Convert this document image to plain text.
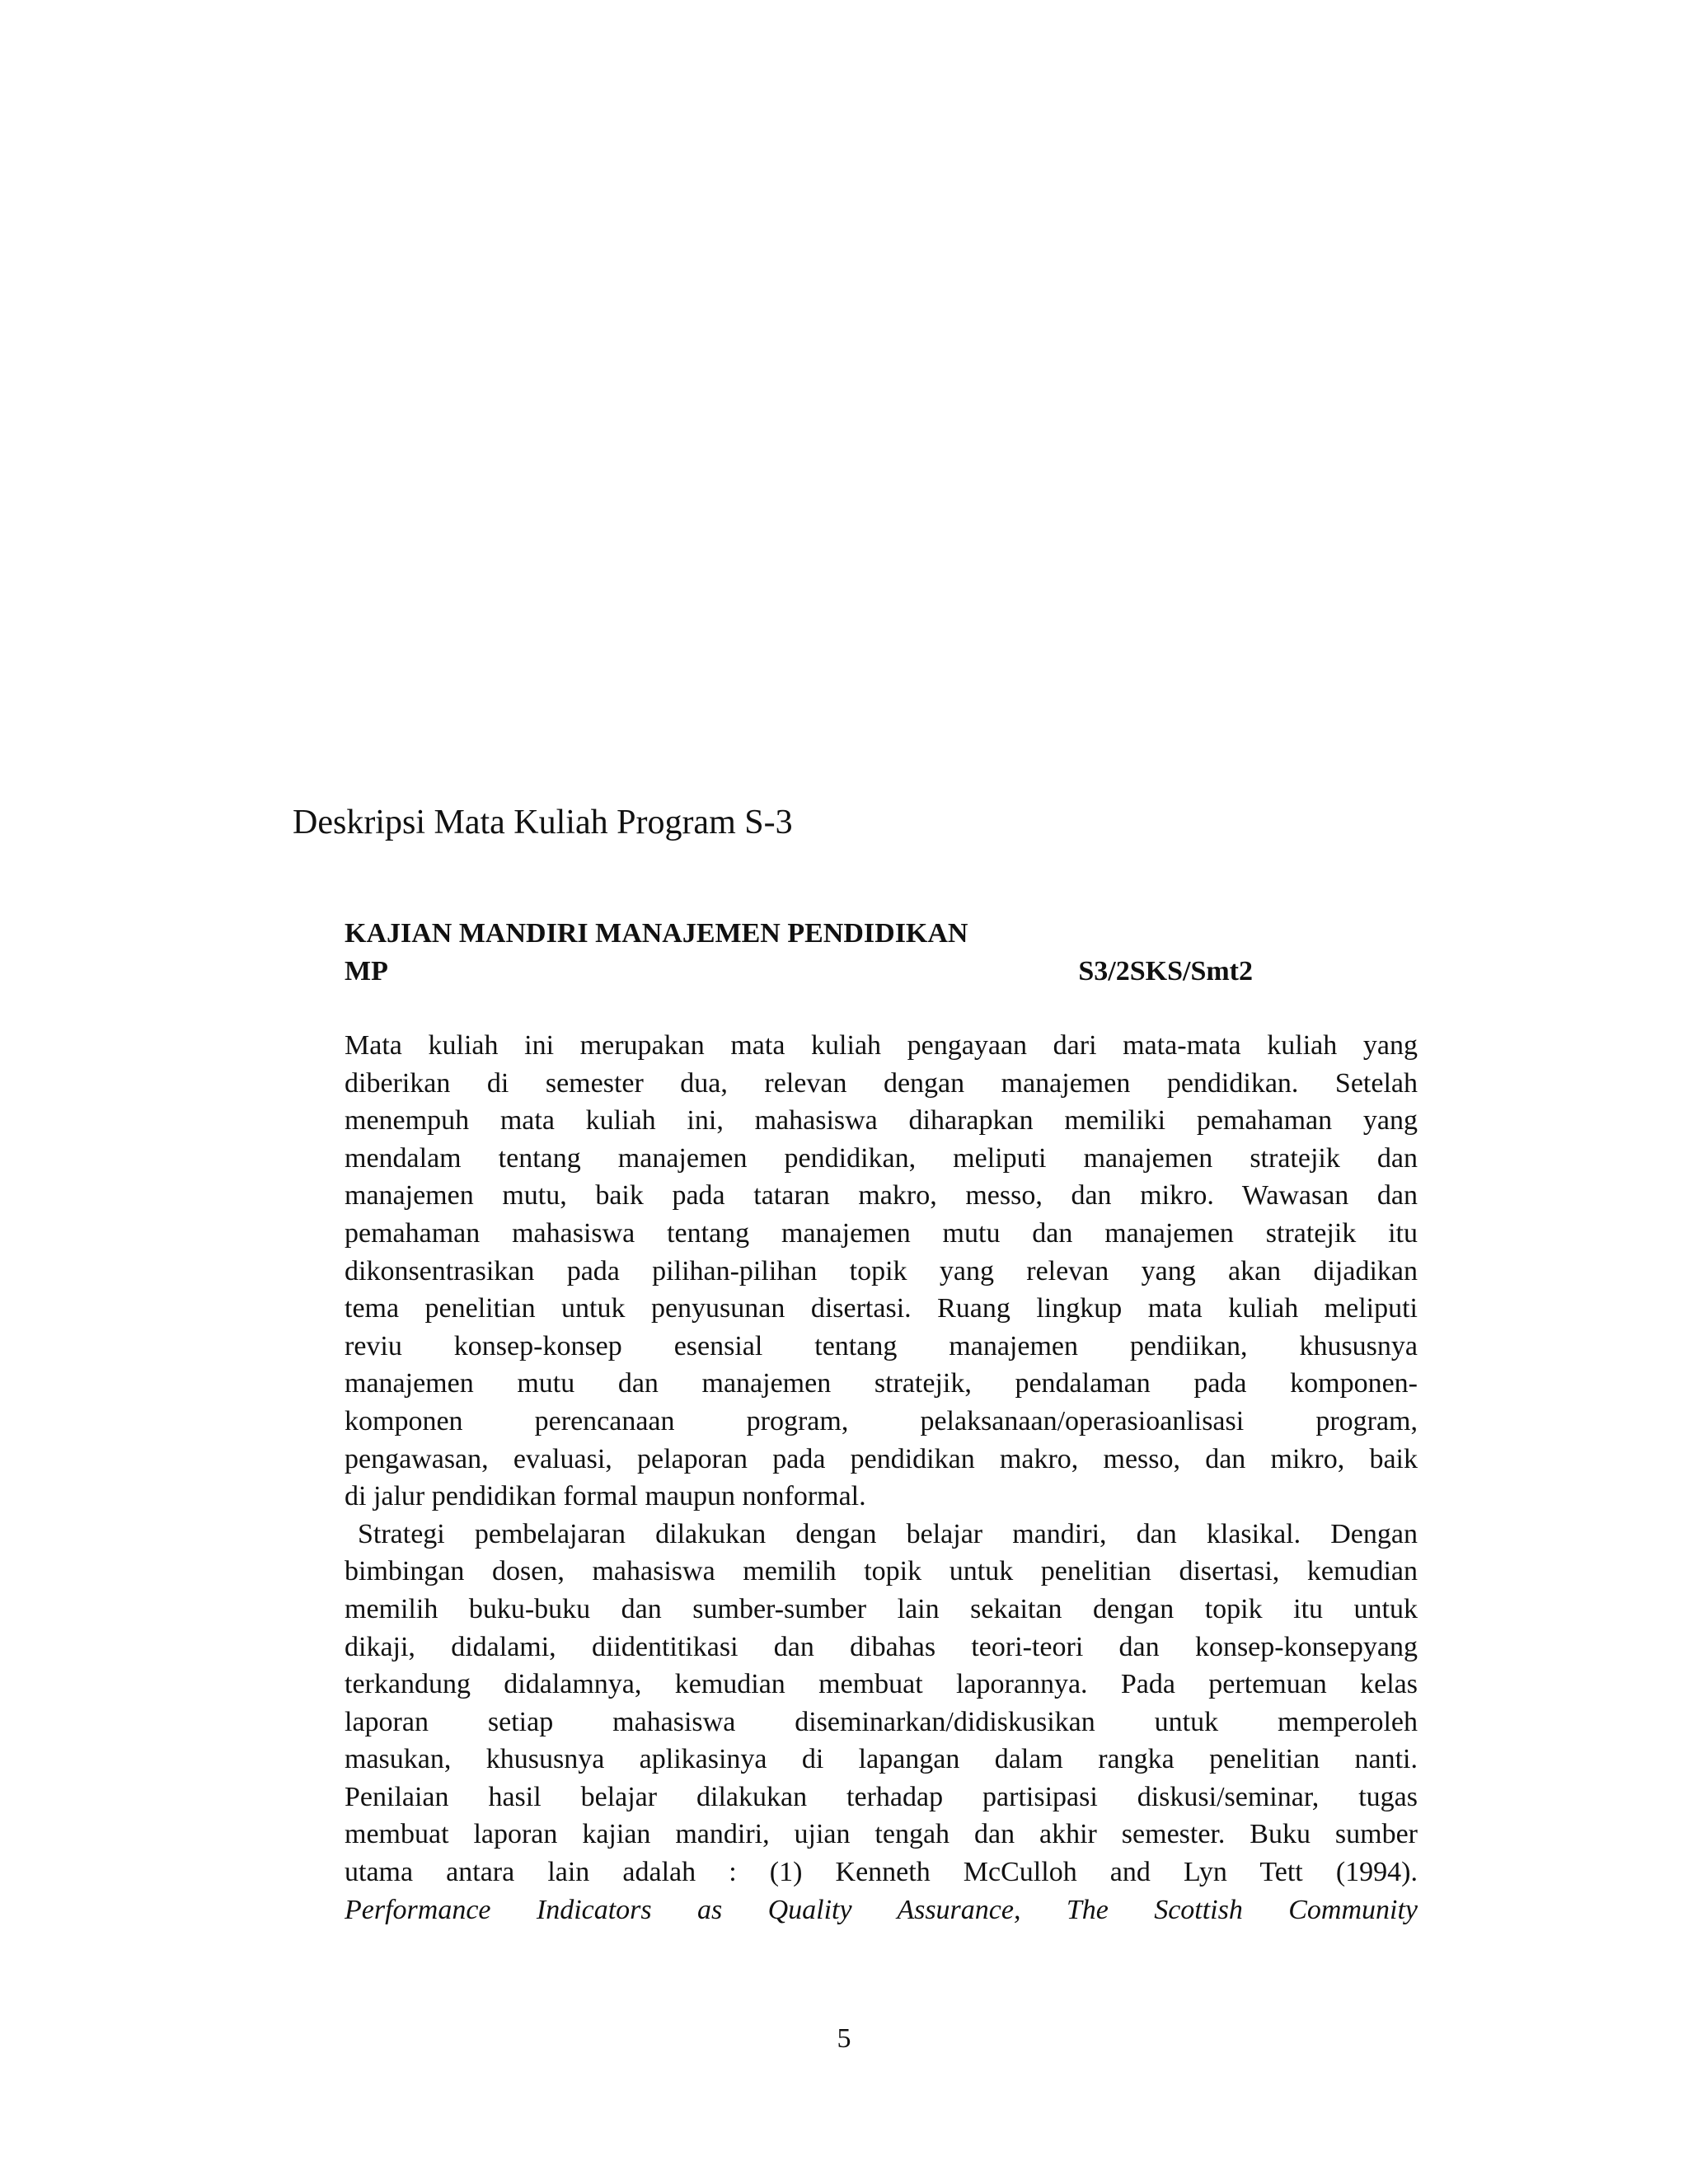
Deskripsi Mata Kuliah Program S-3
KAJIAN MANDIRI MANAJEMEN PENDIDIKAN
MP	S3/2SKS/Smt2
Mata kuliah ini merupakan mata kuliah pengayaan dari mata-mata kuliah yang
diberikan di semester dua, relevan dengan manajemen pendidikan. Setelah
menempuh mata kuliah ini, mahasiswa diharapkan memiliki pemahaman yang
mendalam tentang manajemen pendidikan, meliputi manajemen stratejik dan
manajemen mutu, baik pada tataran makro, messo, dan mikro. Wawasan dan
pemahaman mahasiswa tentang manajemen mutu dan manajemen stratejik itu
dikonsentrasikan pada pilihan-pilihan topik yang relevan yang akan dijadikan
tema penelitian untuk penyusunan disertasi. Ruang lingkup mata kuliah meliputi
reviu konsep-konsep esensial tentang manajemen pendiikan, khususnya
manajemen mutu dan manajemen stratejik, pendalaman pada komponen-
komponen perencanaan program, pelaksanaan/operasioanlisasi program,
pengawasan, evaluasi, pelaporan pada pendidikan makro, messo, dan mikro, baik
di jalur pendidikan formal maupun nonformal.
Strategi pembelajaran dilakukan dengan belajar mandiri, dan klasikal. Dengan
bimbingan dosen, mahasiswa memilih topik untuk penelitian disertasi, kemudian
memilih buku-buku dan sumber-sumber lain sekaitan dengan topik itu untuk
dikaji, didalami, diidentitikasi dan dibahas teori-teori dan konsep-konsepyang
terkandung didalamnya, kemudian membuat laporannya. Pada pertemuan kelas
laporan setiap mahasiswa diseminarkan/didiskusikan untuk memperoleh
masukan, khususnya aplikasinya di lapangan dalam rangka penelitian nanti.
Penilaian hasil belajar dilakukan terhadap partisipasi diskusi/seminar, tugas
membuat laporan kajian mandiri, ujian tengah dan akhir semester. Buku sumber
utama antara lain adalah : (1) Kenneth McCulloh and Lyn Tett (1994).
Performance Indicators as Quality Assurance, The Scottish Community
5
